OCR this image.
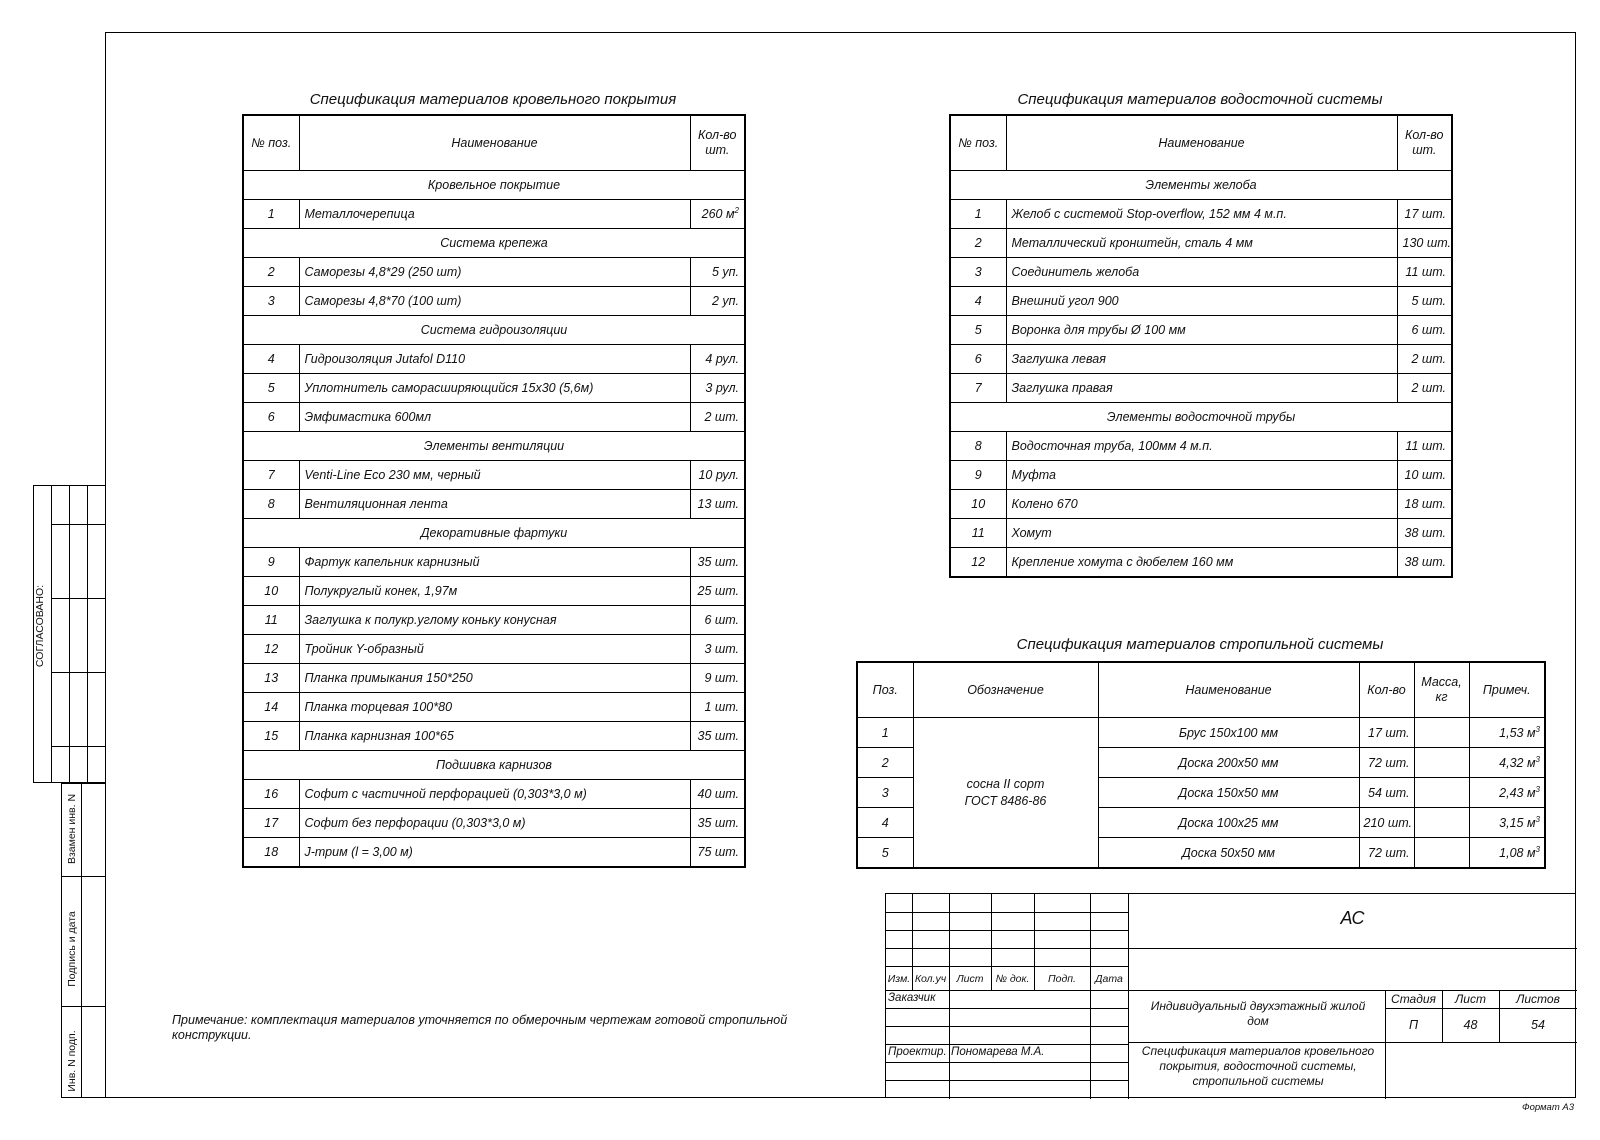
СОГЛАСОВАНО:
Взамен инв. N
Подпись и дата
Инв. N подп.
Спецификация материалов кровельного покрытия
№ поз.	Наименование	Кол-во шт.
Кровельное покрытие		
1	Металлочерепица	260 $м^2$
Система крепежа		
2	Саморезы 4,8*29 (250 шт)	5 уп.
3	Саморезы 4,8*70 (100 шт)	2 уп.
Система гидроизоляции		
4	Гидроизоляция Jutafol D110	4 рул.
5	Уплотнитель саморасширяющийся 15х30 (5,6м)	3 рул.
6	Эмфимастика 600мл	2 шт.
Элементы вентиляции		
7	Venti-Line Eco 230 мм, черный	10 рул.
8	Вентиляционная лента	13 шт.
Декоративные фартуки		
9	Фартук капельник карнизный	35 шт.
10	Полукруглый конек, 1,97м	25 шт.
11	Заглушка к полукр.углому коньку конусная	6 шт.
12	Тройник Y-образный	3 шт.
13	Планка примыкания 150*250	9 шт.
14	Планка торцевая 100*80	1 шт.
15	Планка карнизная 100*65	35 шт.
Подшивка карнизов		
16	Софит с частичной перфорацией (0,303*3,0 м)	40 шт.
17	Софит без перфорации (0,303*3,0 м)	35 шт.
18	J-трим (l = 3,00 м)	75 шт.
Спецификация материалов водосточной системы
№ поз.	Наименование	Кол-во шт.
Элементы желоба		
1	Желоб с системой Stop-overflow, 152 мм 4 м.п.	17 шт.
2	Металлический кронштейн, сталь 4 мм	130 шт.
3	Соединитель желоба	11 шт.
4	Внешний угол 900	5 шт.
5	Воронка для трубы Ø 100 мм	6 шт.
6	Заглушка левая	2 шт.
7	Заглушка правая	2 шт.
Элементы водосточной трубы		
8	Водосточная труба, 100мм 4 м.п.	11 шт.
9	Муфта	10 шт.
10	Колено 670	18 шт.
11	Хомут	38 шт.
12	Крепление хомута с дюбелем 160 мм	38 шт.
Спецификация материалов стропильной системы
Поз.	Обозначение	Наименование	Кол-во	Масса, кг	Примеч.
1	сосна II сорт
ГОСТ 8486-86	Брус 150х100 мм	17 шт.		1,53 $м^3$
2		Доска 200х50 мм	72 шт.		4,32 $м^3$
3		Доска 150х50 мм	54 шт.		2,43 $м^3$
4		Доска 100х25 мм	210 шт.		3,15 $м^3$
5		Доска 50х50 мм	72 шт.		1,08 $м^3$
Примечание: комплектация материалов уточняется по обмерочным чертежам готовой стропильной конструкции.
Изм. Кол.уч Лист	№ док.	Подп.	Дата
Заказчик
Проектир. Пономарева М.А.
АС
Индивидуальный двухэтажный жилой дом
Стадия	Лист	Листов
П	48	54
Спецификация материалов кровельного покрытия, водосточной системы, стропильной системы
Формат А3
